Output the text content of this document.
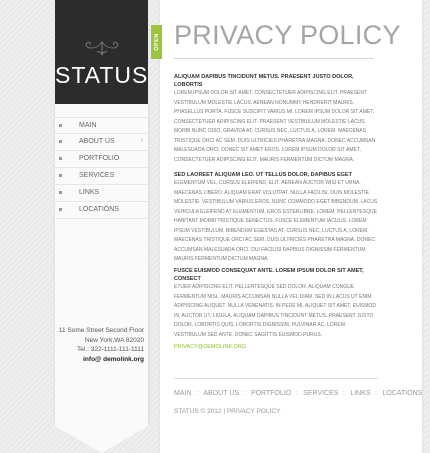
STATUS
MAIN
ABOUT US	›
PORTFOLIO
SERVICES
LINKS
LOCATIONS
11 Some Street Second Floor
New York,WA 82020
Tel.: 322-1111-111-1111
info@ demolink.org
OPEN PRIVACY POLICY
ALIQUAM DAPIBUS TINCIDUNT METUS. PRAESENT JUSTO DOLOR, LOBORTIS
LOREM IPSUM DOLOR SIT AMET, CONSECTETUER ADIPISCING ELIT. PRAESENT VESTIBULUM MOLESTIE LACUS. AENEAN NONUMMY HENDRERIT MAURIS. PHASELLUS PORTA. FUSCE SUSCIPIT VARIUS MI. LOREM IPSUM DOLOR SIT AMET, CONSECTETUER ADIPISCING ELIT. PRAESENT VESTIBULUM MOLESTIE LACUS. MORBI NUNC ODIO, GRAVIDA AT, CURSUS NEC, LUCTUS A, LOREM. MAECENAS TRISTIQUE ORCI AC SEM. DUIS ULTRICIES PHARETRA MAGNA. DONEC ACCUMSAN MALESUADA ORCI. DONEC SIT AMET EROS. LOREM IPSUM DOLOR SIT AMET, CONSECTETUER ADIPISCING ELIT. MAURIS FERMENTUM DICTUM MAGNA.
SED LAOREET ALIQUAM LEO. UT TELLUS DOLOR, DAPIBUS EGET
ELEMENTUM VEL, CURSUS ELEIFEND, ELIT. AENEAN AUCTOR WISI ET URNA. MAECENAS LIBERO. ALIQUAM ERAT VOLUTPAT. NULLA FACILISI. DUIS MOLESTIE MOLESTIE. VESTIBULUM VARIUS EROS. NUNC COMMODO EGET BIBENDUM. LACUS VEHICULA ELEIFEND AT ELEMENTUM, EROS ESTERLIBRE, LOREM. PELLENTESQUE HABITANT MORBI TRISTIQUE SENECTUS. FUSCE ELEMENTUM IACULIS. LOREM IPSUM VESTIBULUM, BIBENDUM EGESTAS AT, CURSUS NEC, LUCTUS A, LOREM. MAECENAS TRISTIQUE ORCI AC SEM. DUIS ULTRICIES PHARETRA MAGNA. DONEC ACCUMSAN MALESUADA ORCI. DUI FACILISI DAPIBUS DIGNISSIM FERMENTUM. MAURIS FERMENTUM DICTUM MAGNA.
FUSCE EUISMOD CONSEQUAT ANTE. LOREM IPSUM DOLOR SIT AMET, CONSECT
ETUER ADIPISCING ELIT. PELLENTESQUE SED DOLOR. ALIQUAM CONGUE FERMENTUM NISL. MAURIS ACCUMSAN NULLA VEL DIAM. SED IN LACUS UT ENIM ADIPISCING ALIQUET. NULLA VENENATIS. IN PEDE MI, ALIQUET SIT AMET, EUISMOD IN, AUCTOR UT, LIGULA. ALIQUAM DAPIBUS TINCIDUNT METUS. PRAESENT JUSTO DOLOR, LOBORTIS QUIS, LOBORTIS DIGNISSIM, PULVINAR AC, LOREM. VESTIBULUM SED ANTE. DONEC SAGITTIS EUISMOD PURUS.
PRIVACY@DEMOLINK.ORG
MAIN :: ABOUT US :: PORTFOLIO :: SERVICES :: LINKS :: LOCATIONS
STATUS © 2012 | PRIVACY POLICY
